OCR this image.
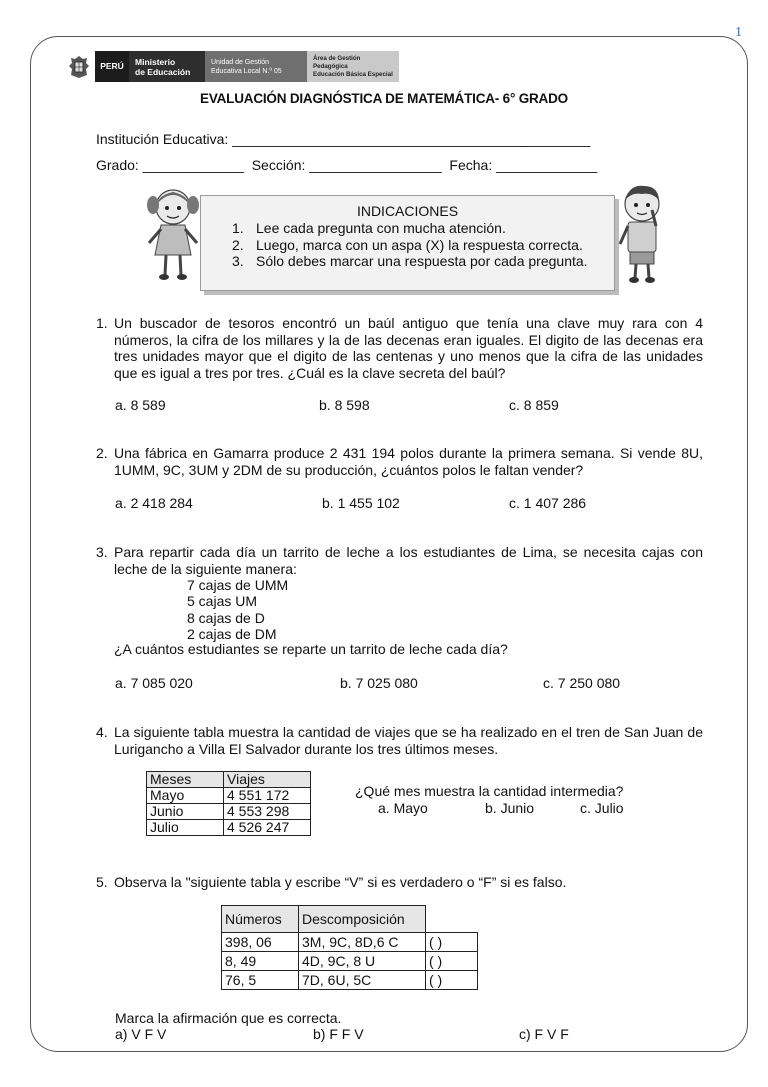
1
PERÚ	Ministerio
de Educación
Unidad de Gestión
Educativa Local N.º 05
Área de Gestión Pedagógica
Educación Básica Especial
EVALUACIÓN DIAGNÓSTICA DE MATEMÁTICA- 6° GRADO
Institución Educativa: ______________________________________________
Grado: _____________  Sección: _________________  Fecha: _____________
INDICACIONES
1. Lee cada pregunta con mucha atención.
2. Luego, marca con un aspa (X) la respuesta correcta.
3. Sólo debes marcar una respuesta por cada pregunta.
1. Un buscador de tesoros encontró un baúl antiguo que tenía una clave muy rara con 4 números, la cifra de los millares y la de las decenas eran iguales. El digito de las decenas era tres unidades mayor que el digito de las centenas y uno menos que la cifra de las unidades que es igual a tres por tres. ¿Cuál es la clave secreta del baúl?
a. 8 589	b. 8 598	c. 8 859
2. Una fábrica en Gamarra produce 2 431 194 polos durante la primera semana. Si vende 8U, 1UMM, 9C, 3UM y 2DM de su producción, ¿cuántos polos le faltan vender?
a. 2 418 284	b. 1 455 102	c. 1 407 286
3. Para repartir cada día un tarrito de leche a los estudiantes de Lima, se necesita cajas con leche de la siguiente manera:
7 cajas de UMM
5 cajas UM
8 cajas de D
2 cajas de DM
¿A cuántos estudiantes se reparte un tarrito de leche cada día?
a. 7 085 020	b. 7 025 080	c. 7 250 080
4. La siguiente tabla muestra la cantidad de viajes que se ha realizado en el tren de San Juan de Lurigancho a Villa El Salvador durante los tres últimos meses.
Meses	Viajes
Mayo	4 551 172
Junio	4 553 298
Julio	4 526 247
¿Qué mes muestra la cantidad intermedia?
a. Mayo	b. Junio	c. Julio
5. Observa la "siguiente tabla y escribe “V” si es verdadero o “F” si es falso.
Números	Descomposición	
398, 06	3M, 9C, 8D,6 C	( )
8, 49	4D, 9C, 8 U	( )
76, 5	7D, 6U, 5C	( )
Marca la afirmación que es correcta.
a) V F V	b) F F V	c) F V F
